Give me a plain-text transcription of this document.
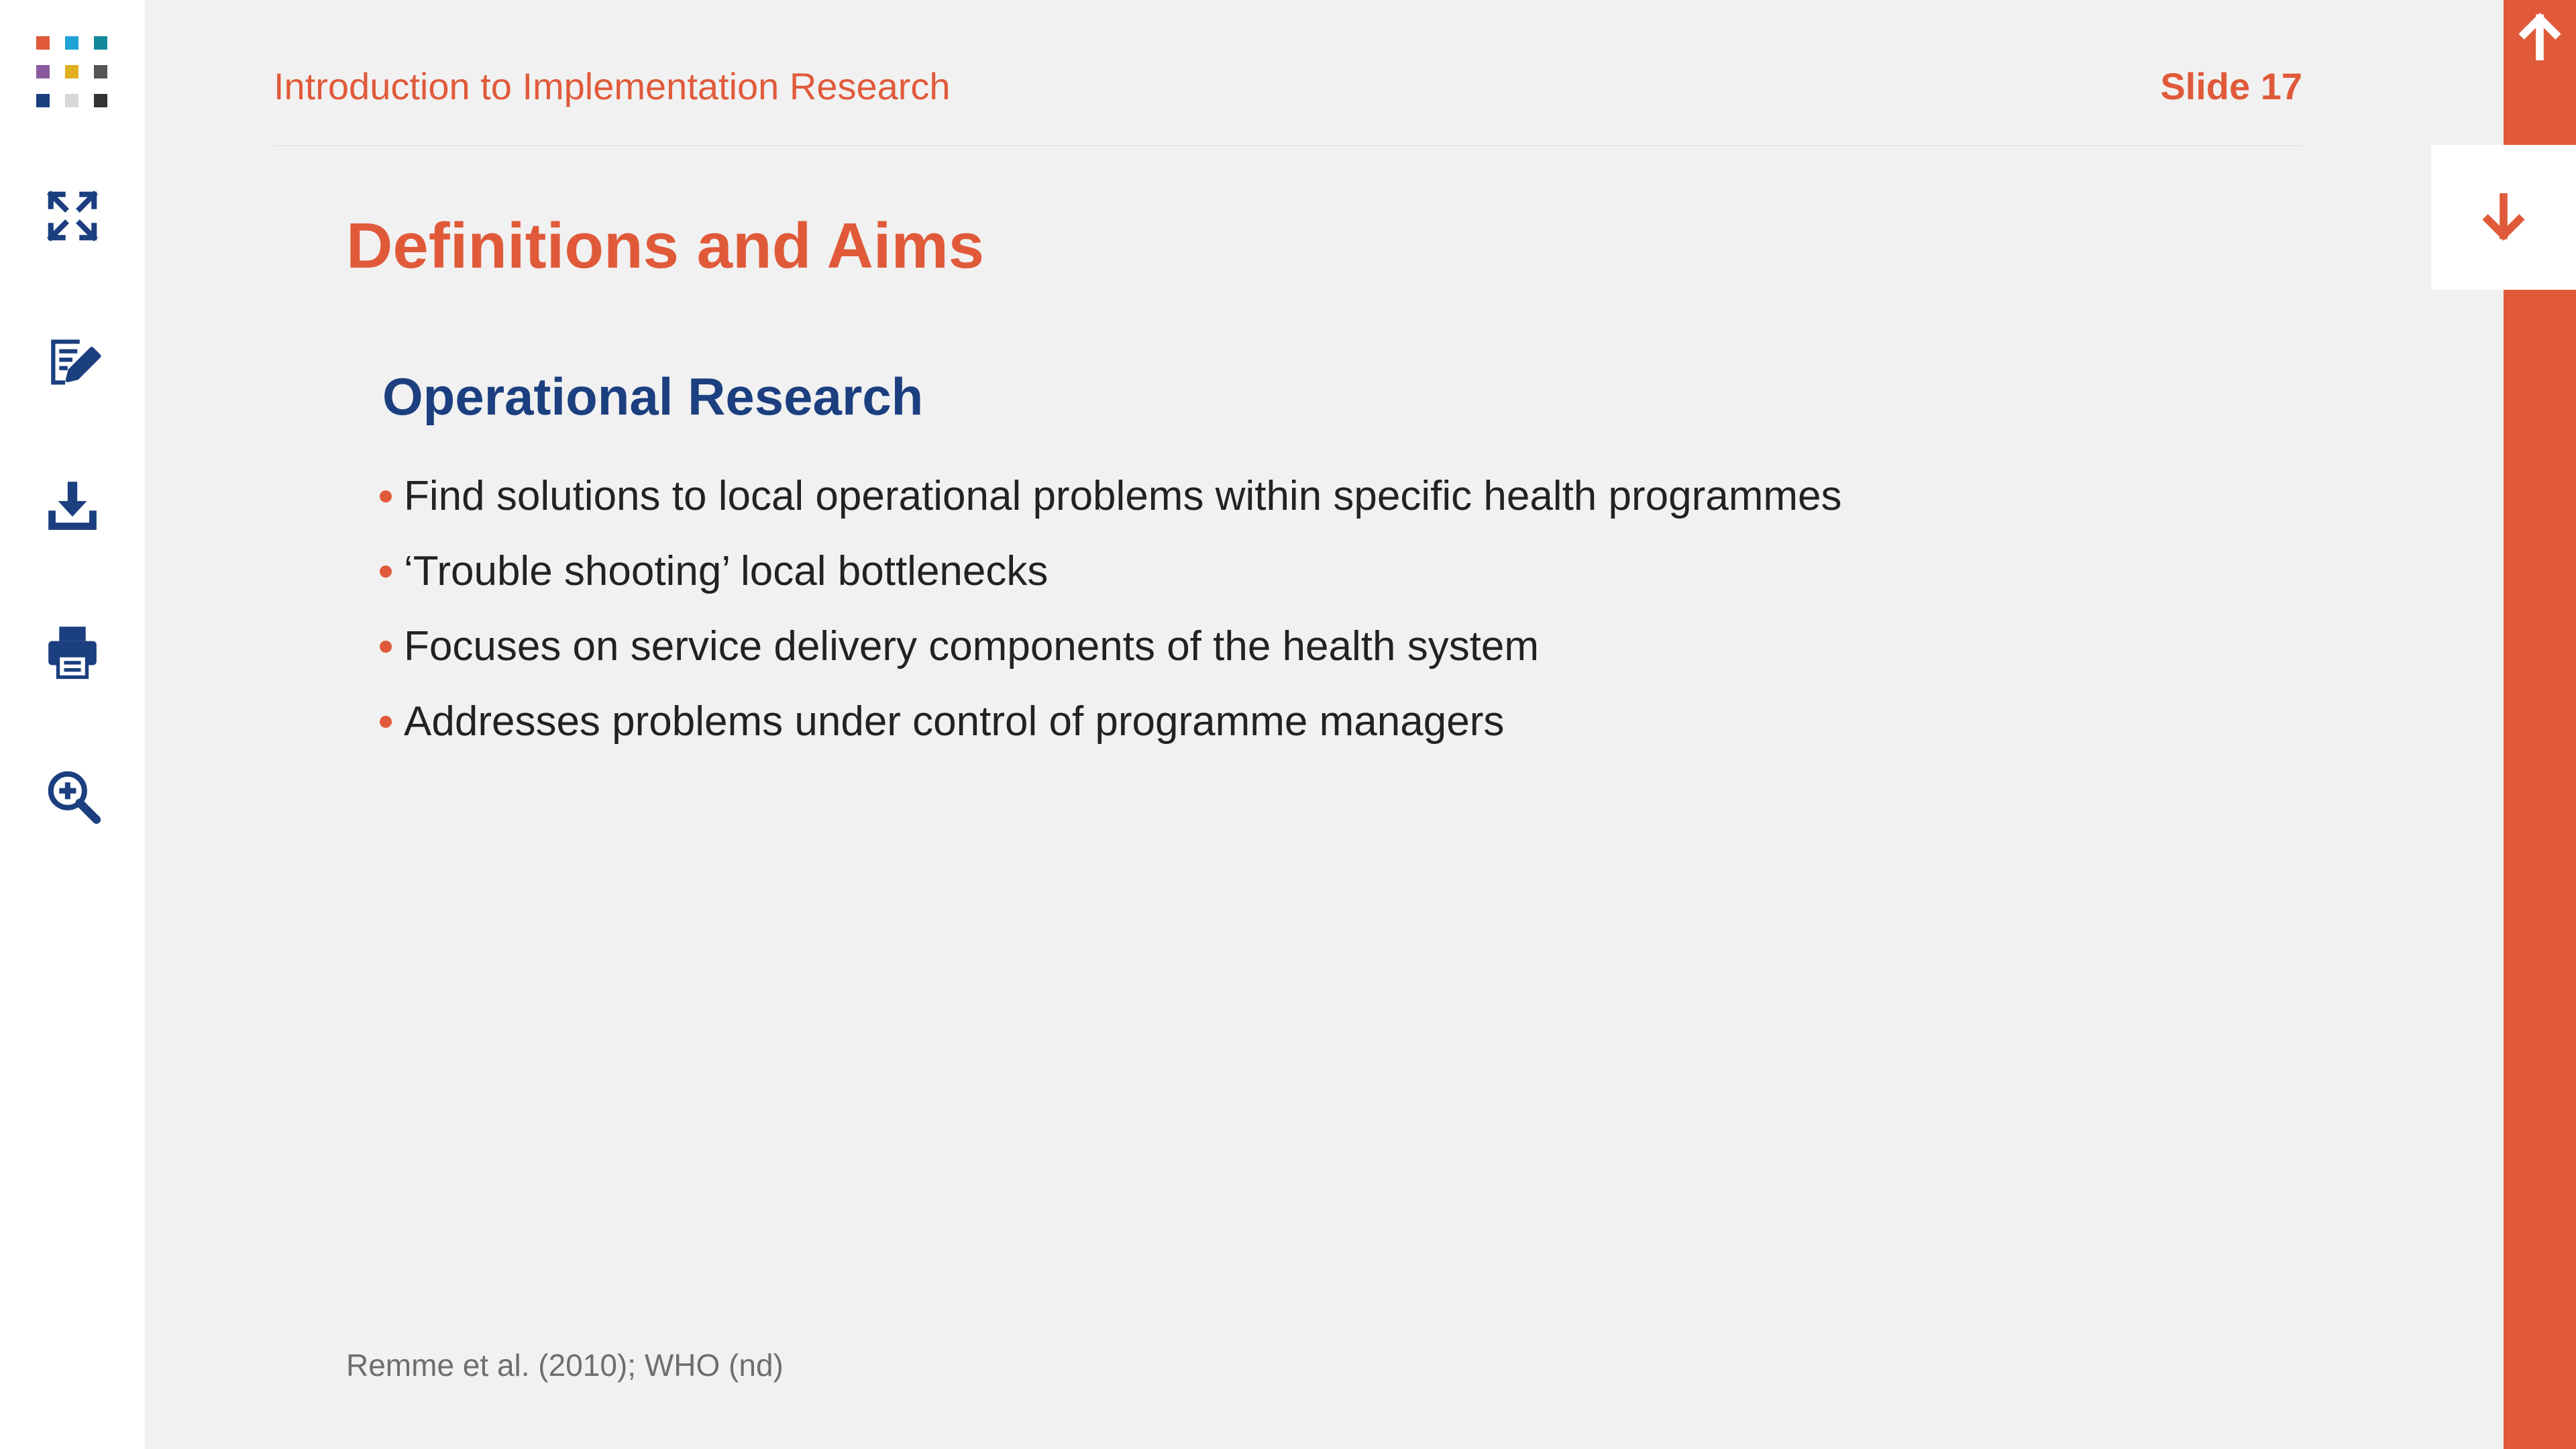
Introduction to Implementation Research	Slide 17
Definitions and Aims
Operational Research
Find solutions to local operational problems within specific health programmes
‘Trouble shooting’ local bottlenecks
Focuses on service delivery components of the health system
Addresses problems under control of programme managers
Remme et al. (2010); WHO (nd)
